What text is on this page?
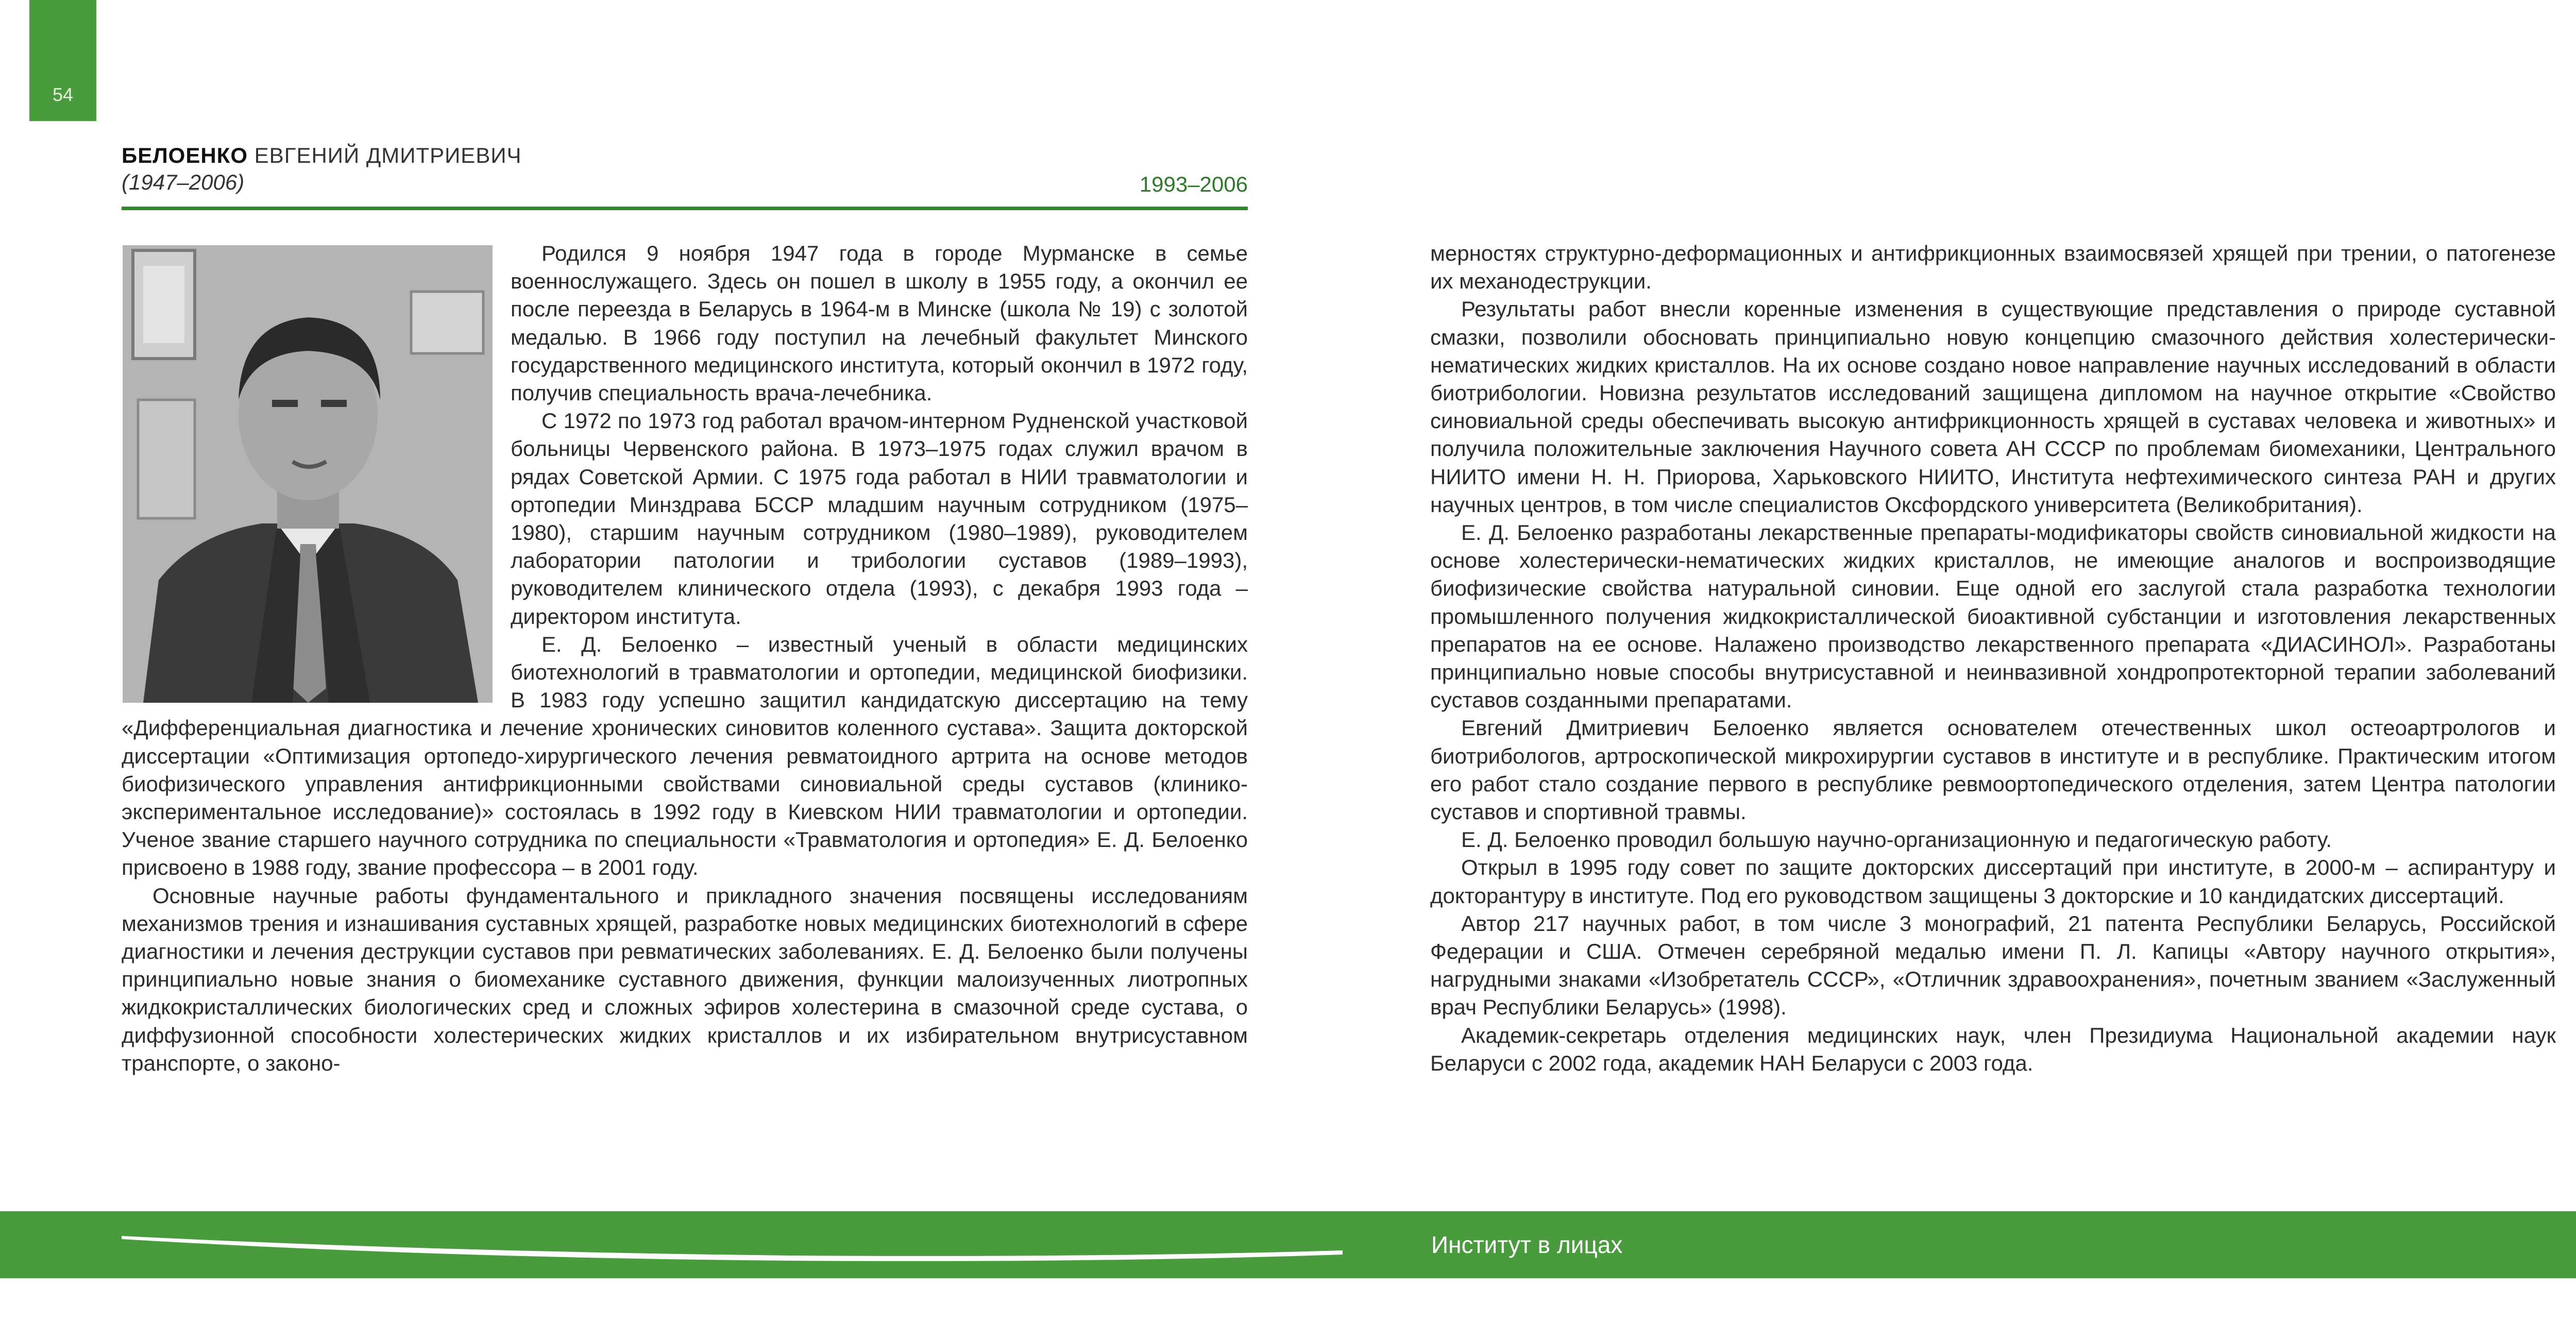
54
БЕЛОЕНКО ЕВГЕНИЙ ДМИТРИЕВИЧ
(1947–2006)	1993–2006

Родился 9 ноября 1947 года в городе Мурманске в семье военнослужащего. Здесь он пошел в школу в 1955 году, а окончил ее после переезда в Беларусь в 1964-м в Минске (школа № 19) с золотой медалью. В 1966 году поступил на лечебный факультет Минского государственного медицинского института, который окончил в 1972 году, получив специальность врача-лечебника.

С 1972 по 1973 год работал врачом-интерном Рудненской участковой больницы Червенского района. В 1973–1975 годах служил врачом в рядах Советской Армии. С 1975 года работал в НИИ травматологии и ортопедии Минздрава БССР младшим научным сотрудником (1975–1980), старшим научным сотрудником (1980–1989), руководителем лаборатории патологии и трибологии суставов (1989–1993), руководителем клинического отдела (1993), с декабря 1993 года – директором института.

Е. Д. Белоенко – известный ученый в области медицинских биотехнологий в травматологии и ортопедии, медицинской биофизики. В 1983 году успешно защитил кандидатскую диссертацию на тему «Дифференциальная диагностика и лечение хронических синовитов коленного сустава». Защита докторской диссертации «Оптимизация ортопедо-хирургического лечения ревматоидного артрита на основе методов биофизического управления антифрикционными свойствами синовиальной среды суставов (клинико-экспериментальное исследование)» состоялась в 1992 году в Киевском НИИ травматологии и ортопедии. Ученое звание старшего научного сотрудника по специальности «Травматология и ортопедия» Е. Д. Белоенко присвоено в 1988 году, звание профессора – в 2001 году.

Основные научные работы фундаментального и прикладного значения посвящены исследованиям механизмов трения и изнашивания суставных хрящей, разработке новых медицинских биотехнологий в сфере диагностики и лечения деструкции суставов при ревматических заболеваниях. Е. Д. Белоенко были получены принципиально новые знания о биомеханике суставного движения, функции малоизученных лиотропных жидкокристаллических биологических сред и сложных эфиров холестерина в смазочной среде сустава, о диффузионной способности холестерических жидких кристаллов и их избирательном внутрисуставном транспорте, о законо-

мерностях структурно-деформационных и антифрикционных взаимосвязей хрящей при трении, о патогенезе их механодеструкции.

Результаты работ внесли коренные изменения в существующие представления о природе суставной смазки, позволили обосновать принципиально новую концепцию смазочного действия холестерически-нематических жидких кристаллов. На их основе создано новое направление научных исследований в области биотрибологии. Новизна результатов исследований защищена дипломом на научное открытие «Свойство синовиальной среды обеспечивать высокую антифрикционность хрящей в суставах человека и животных» и получила положительные заключения Научного совета АН СССР по проблемам биомеханики, Центрального НИИТО имени Н. Н. Приорова, Харьковского НИИТО, Института нефтехимического синтеза РАН и других научных центров, в том числе специалистов Оксфордского университета (Великобритания).

Е. Д. Белоенко разработаны лекарственные препараты-модификаторы свойств синовиальной жидкости на основе холестерически-нематических жидких кристаллов, не имеющие аналогов и воспроизводящие биофизические свойства натуральной синовии. Еще одной его заслугой стала разработка технологии промышленного получения жидкокристаллической биоактивной субстанции и изготовления лекарственных препаратов на ее основе. Налажено производство лекарственного препарата «ДИАСИНОЛ». Разработаны принципиально новые способы внутрисуставной и неинвазивной хондропротекторной терапии заболеваний суставов созданными препаратами.

Евгений Дмитриевич Белоенко является основателем отечественных школ остеоартрологов и биотрибологов, артроскопической микрохирургии суставов в институте и в республике. Практическим итогом его работ стало создание первого в республике ревмоортопедического отделения, затем Центра патологии суставов и спортивной травмы.

Е. Д. Белоенко проводил большую научно-организационную и педагогическую работу.

Открыл в 1995 году совет по защите докторских диссертаций при институте, в 2000-м – аспирантуру и докторантуру в институте. Под его руководством защищены 3 докторские и 10 кандидатских диссертаций.

Автор 217 научных работ, в том числе 3 монографий, 21 патента Республики Беларусь, Российской Федерации и США. Отмечен серебряной медалью имени П. Л. Капицы «Автору научного открытия», нагрудными знаками «Изобретатель СССР», «Отличник здравоохранения», почетным званием «Заслуженный врач Республики Беларусь» (1998).

Академик-секретарь отделения медицинских наук, член Президиума Национальной академии наук Беларуси с 2002 года, академик НАН Беларуси с 2003 года.

Институт в лицах
